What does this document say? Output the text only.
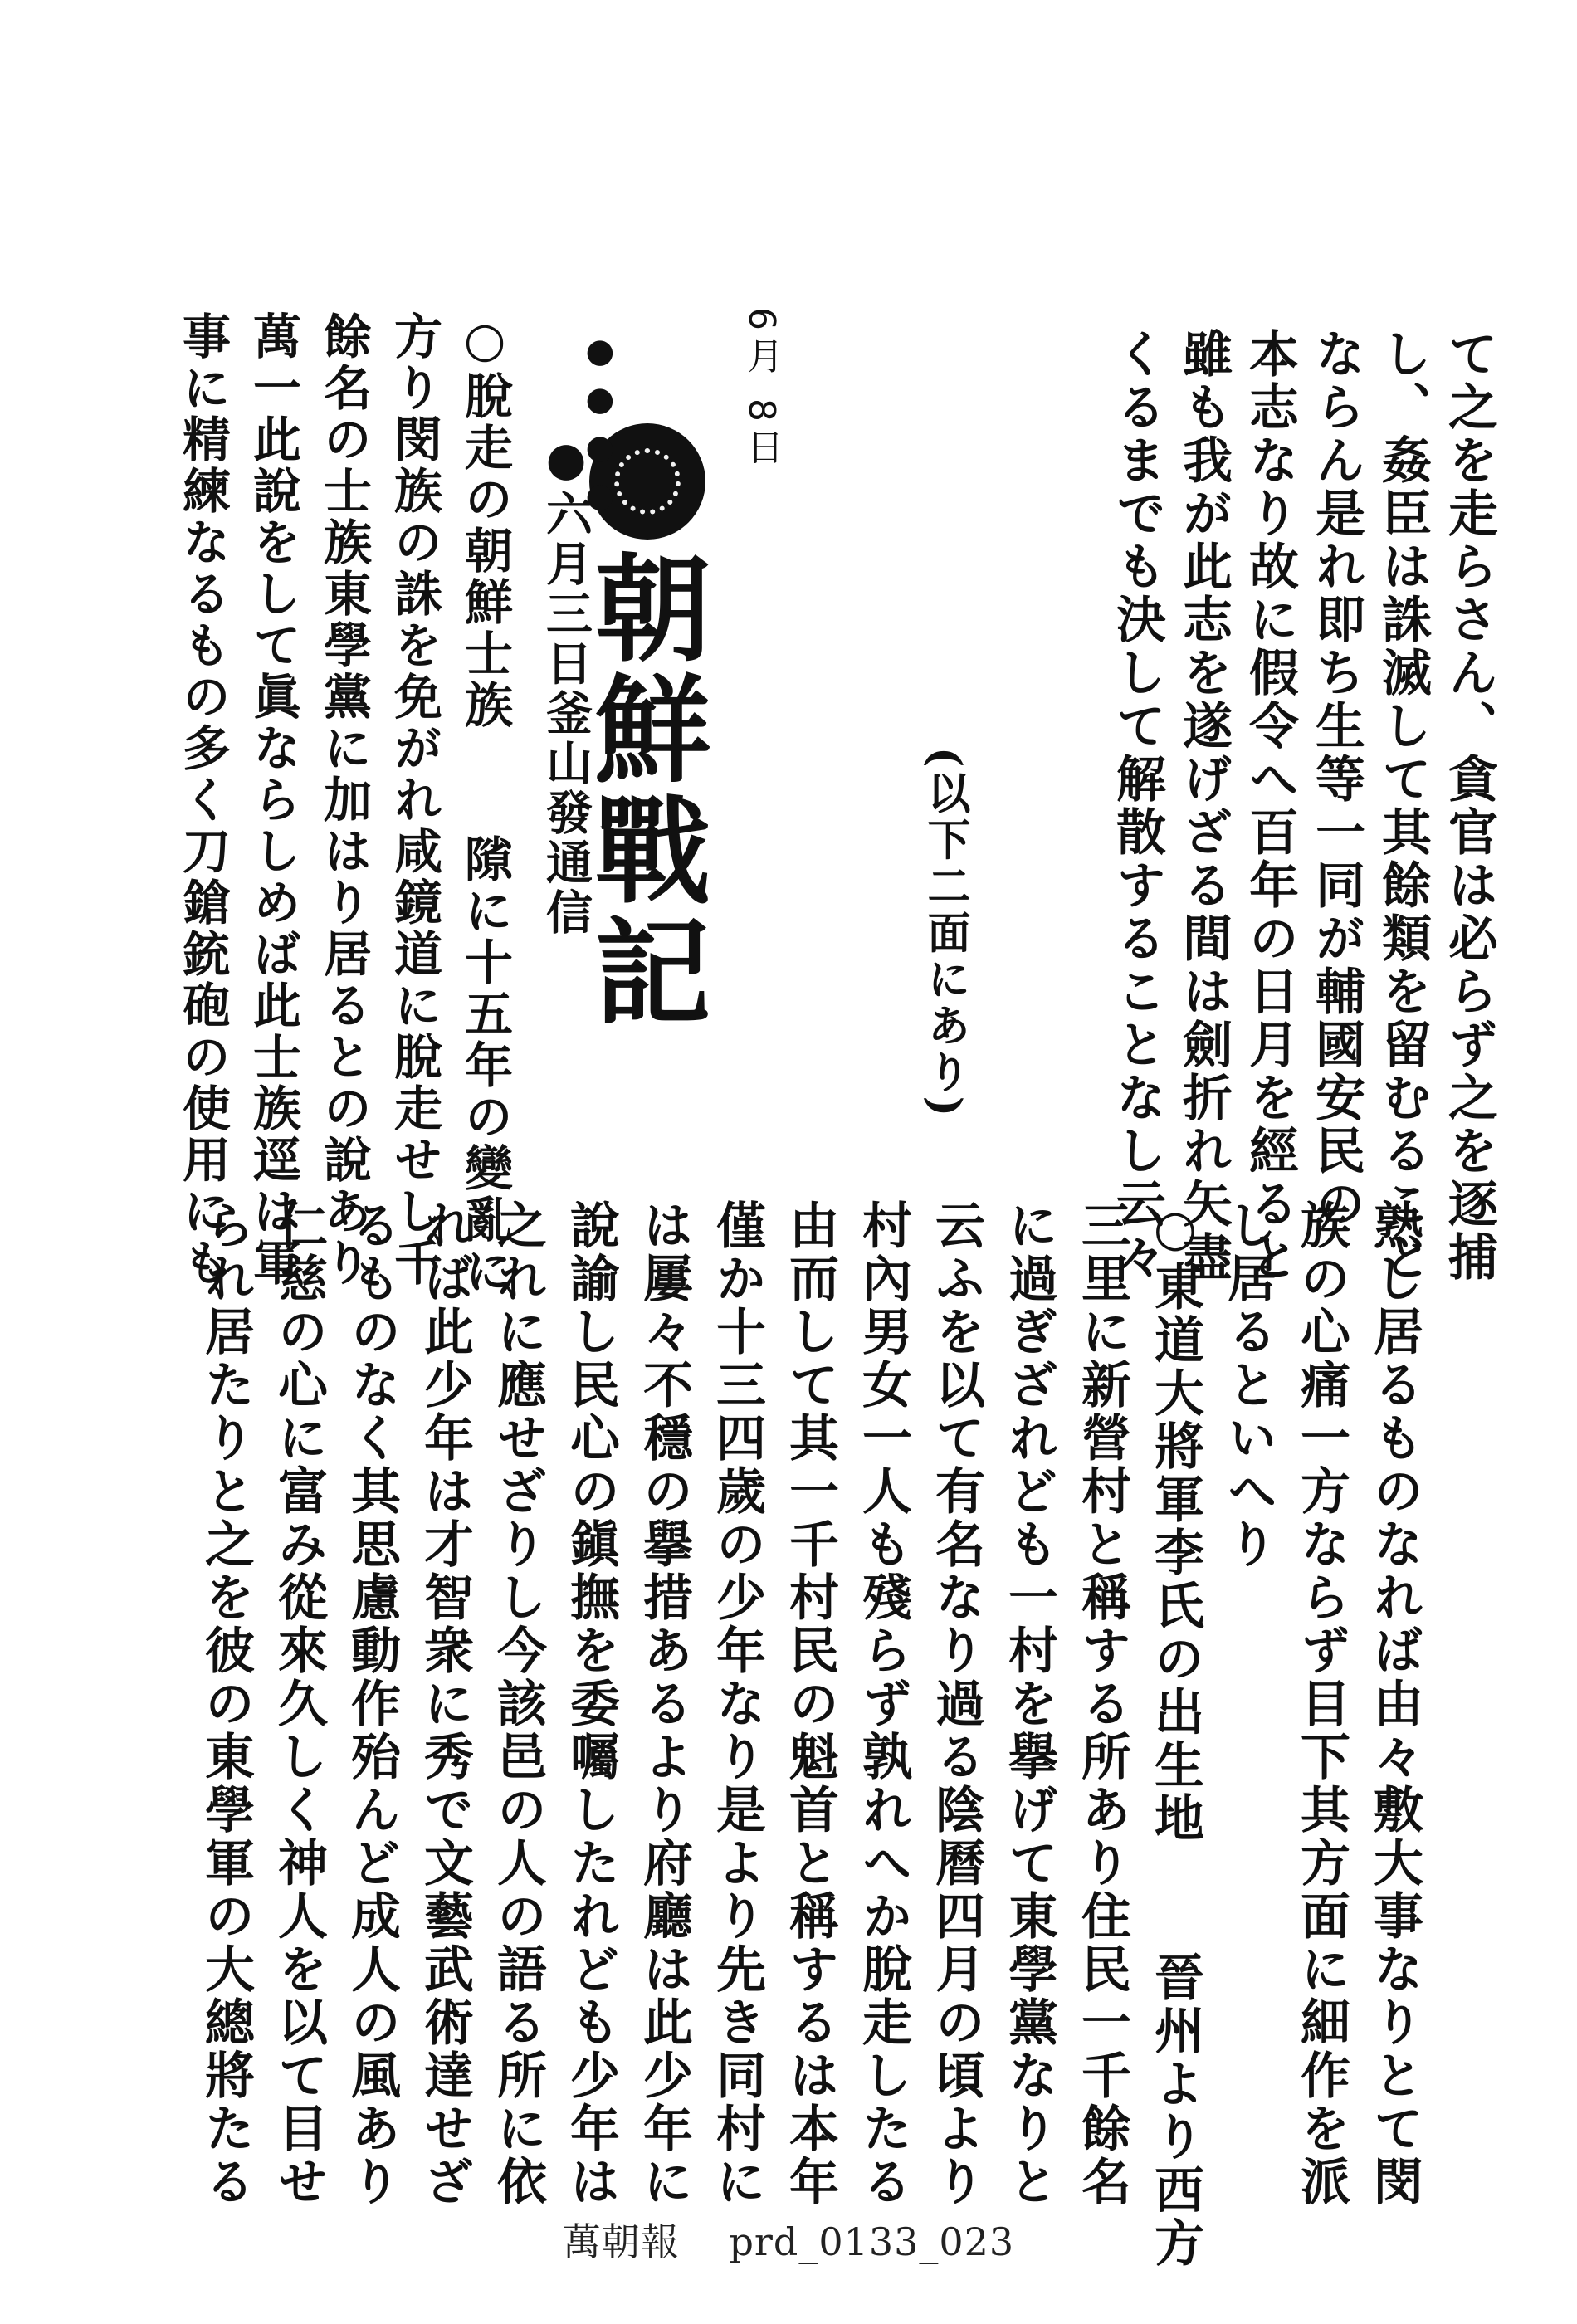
て之を走らさん、貪官は必らず之を逐捕
し、姦臣は誅滅して其餘類を留むること
ならん是れ即ち生等一同が輔國安民の
本志なり故に假令へ百年の日月を經ると
雖も我が此志を遂げざる間は劍折れ矢盡
くるまでも決して解散することなし云々
(以下二面にあり)
6月 8日
朝鮮戰記
●●●●
●六月三日釜山發通信
○脫走の朝鮮士族　　𨻶に十五年の變亂に
方り閔族の誅を免がれ咸鏡道に脫走せし千
餘名の士族東學黨に加はり居るとの說あり
萬一此說をして眞ならしめば此士族逕は軍
事に精練なるもの多く刀鎗銃砲の使用にも
熟し居るものなれば由々敷大事なりとて閔
族の心痛一方ならず目下其方面に細作を派
し居るといへり
○東道大將軍李氏の出生地　　晉州より西方
三里に新營村と稱する所あり住民一千餘名
に過ぎざれども一村を擧げて東學黨なりと
云ふを以て有名なり過る陰曆四月の頃より
村內男女一人も殘らず孰れへか脫走したる
由而して其一千村民の魁首と稱するは本年
僅か十三四歲の少年なり是より先き同村に
は屢々不穩の擧措あるより府廳は此少年に
說諭し民心の鎭撫を委囑したれども少年は
之れに應せざりし今該邑の人の語る所に依
れば此少年は才智衆に秀で文藝武術達せざ
るものなく其思慮動作殆んど成人の風あり
仁慈の心に富み從來久しく神人を以て目せ
られ居たりと之を彼の東學軍の大總將たる
萬朝報 prd_0133_023
